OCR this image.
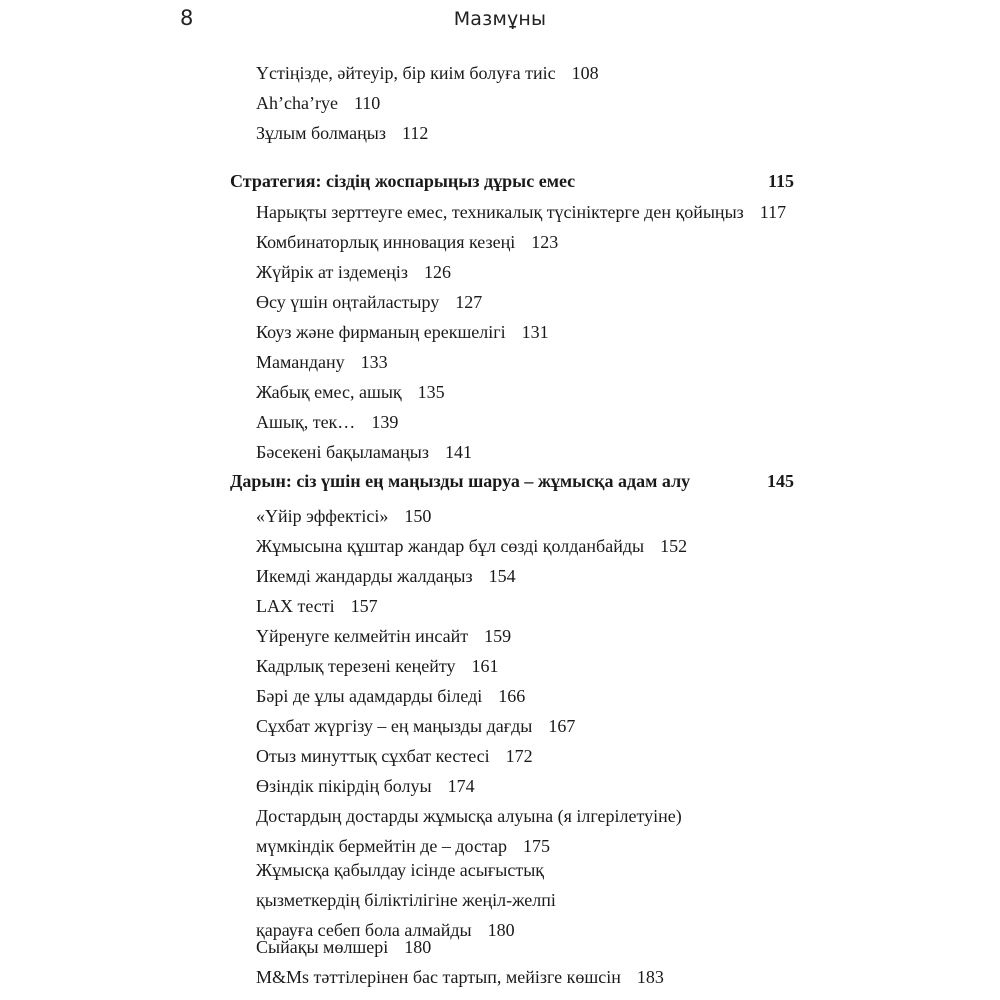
8	Мазмұны
Үстіңізде, әйтеуір, бір киім болуға тиіс 108
Ah’cha’rye 110
Зұлым болмаңыз 112
Стратегия: сіздің жоспарыңыз дұрыс емес	115
Нарықты зерттеуге емес, техникалық түсініктерге ден қойыңыз 117
Комбинаторлық инновация кезеңі 123
Жүйрік ат іздемеңіз 126
Өсу үшін оңтайластыру 127
Коуз және фирманың ерекшелігі 131
Мамандану 133
Жабық емес, ашық 135
Ашық, тек… 139
Бәсекені бақыламаңыз 141
Дарын: сіз үшін ең маңызды шаруа – жұмысқа адам алу	145
«Үйір эффектісі» 150
Жұмысына құштар жандар бұл сөзді қолданбайды 152
Икемді жандарды жалдаңыз 154
LAX тесті 157
Үйренуге келмейтін инсайт 159
Кадрлық терезені кеңейту 161
Бәрі де ұлы адамдарды біледі 166
Сұхбат жүргізу – ең маңызды дағды 167
Отыз минуттық сұхбат кестесі 172
Өзіндік пікірдің болуы 174
Достардың достарды жұмысқа алуына (я ілгерілетуіне)
мүмкіндік бермейтін де – достар 175
Жұмысқа қабылдау ісінде асығыстық
қызметкердің біліктілігіне жеңіл-желпі
қарауға себеп бола алмайды 180
Сыйақы мөлшері 180
M&Ms тәттілерінен бас тартып, мейізге көшсін 183
